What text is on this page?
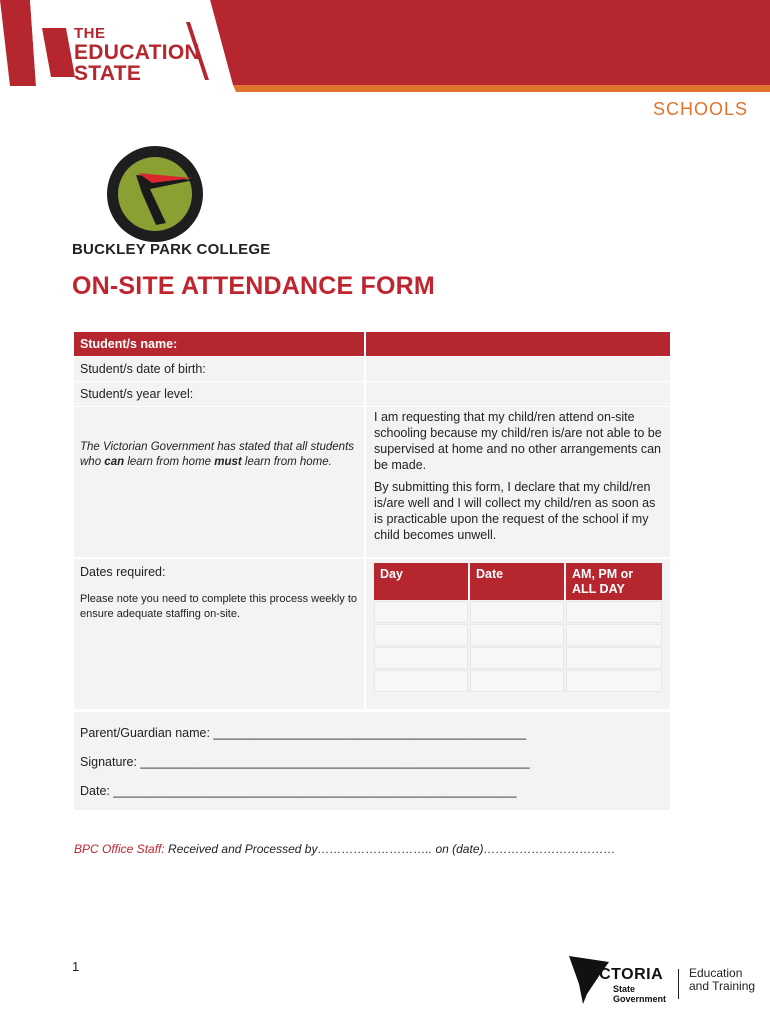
THE
EDUCATION
STATE
SCHOOLS
BUILD YOUR WINGS
BUCKLEY PARK COLLEGE
ON-SITE ATTENDANCE FORM
Student/s name:
Student/s date of birth:
Student/s year level:
The Victorian Government has stated that all students who can learn from home must learn from home.
I am requesting that my child/ren attend on-site schooling because my child/ren is/are not able to be supervised at home and no other arrangements can be made.
By submitting this form, I declare that my child/ren is/are well and I will collect my child/ren as soon as is practicable upon the request of the school if my child becomes unwell.
Dates required:
Please note you need to complete this process weekly to ensure adequate staffing on-site.
Day	Date	AM, PM or ALL DAY
Parent/Guardian name: _____________________________________________
Signature: ________________________________________________________
Date: __________________________________________________________
BPC Office Staff: Received and Processed by……………………….. on (date)……………………………
1	VICTORIA
State
Government
Education
and Training
